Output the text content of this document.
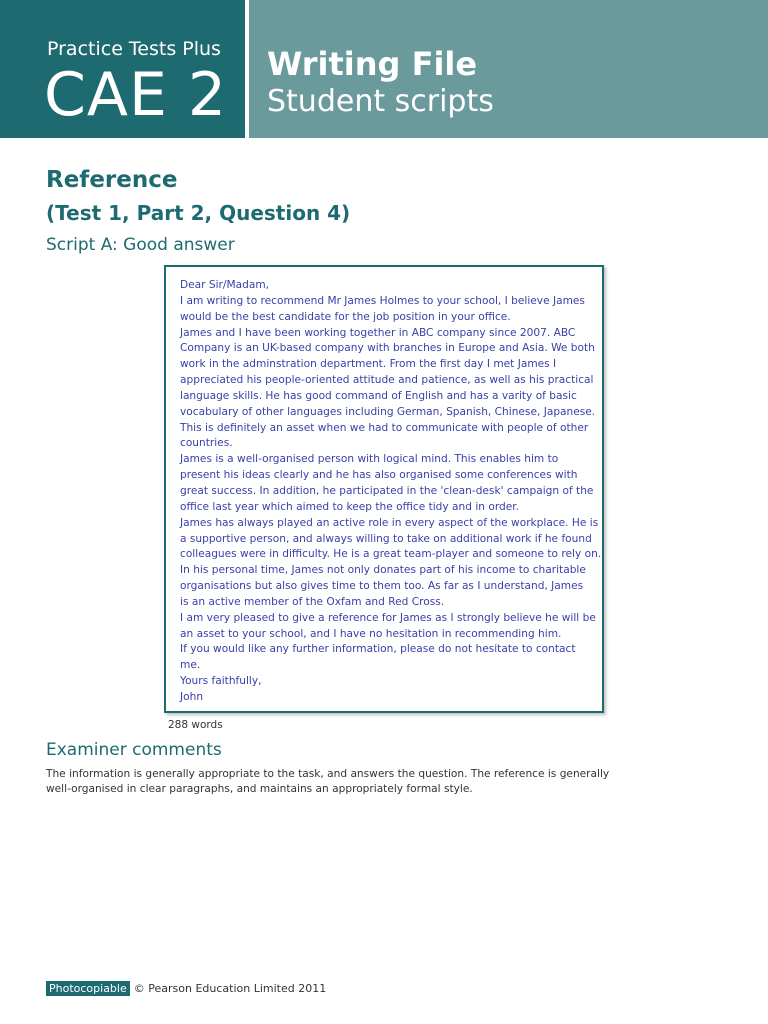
Practice Tests Plus
CAE 2 Writing File
Student scripts
Reference
(Test 1, Part 2, Question 4)
Script A: Good answer
Dear Sir/Madam,
I am writing to recommend Mr James Holmes to your school, I believe James
would be the best candidate for the job position in your office.
James and I have been working together in ABC company since 2007. ABC
Company is an UK-based company with branches in Europe and Asia. We both
work in the adminstration department. From the first day I met James I
appreciated his people-oriented attitude and patience, as well as his practical
language skills. He has good command of English and has a varity of basic
vocabulary of other languages including German, Spanish, Chinese, Japanese.
This is definitely an asset when we had to communicate with people of other
countries.
James is a well-organised person with logical mind. This enables him to
present his ideas clearly and he has also organised some conferences with
great success. In addition, he participated in the 'clean-desk' campaign of the
office last year which aimed to keep the office tidy and in order.
James has always played an active role in every aspect of the workplace. He is
a supportive person, and always willing to take on additional work if he found
colleagues were in difficulty. He is a great team-player and someone to rely on.
In his personal time, James not only donates part of his income to charitable
organisations but also gives time to them too. As far as I understand, James
is an active member of the Oxfam and Red Cross.
I am very pleased to give a reference for James as I strongly believe he will be
an asset to your school, and I have no hesitation in recommending him.
If you would like any further information, please do not hesitate to contact
me.
Yours faithfully,
John
288 words
Examiner comments
The information is generally appropriate to the task, and answers the question. The reference is generally well-organised in clear paragraphs, and maintains an appropriately formal style.
Photocopiable © Pearson Education Limited 2011
